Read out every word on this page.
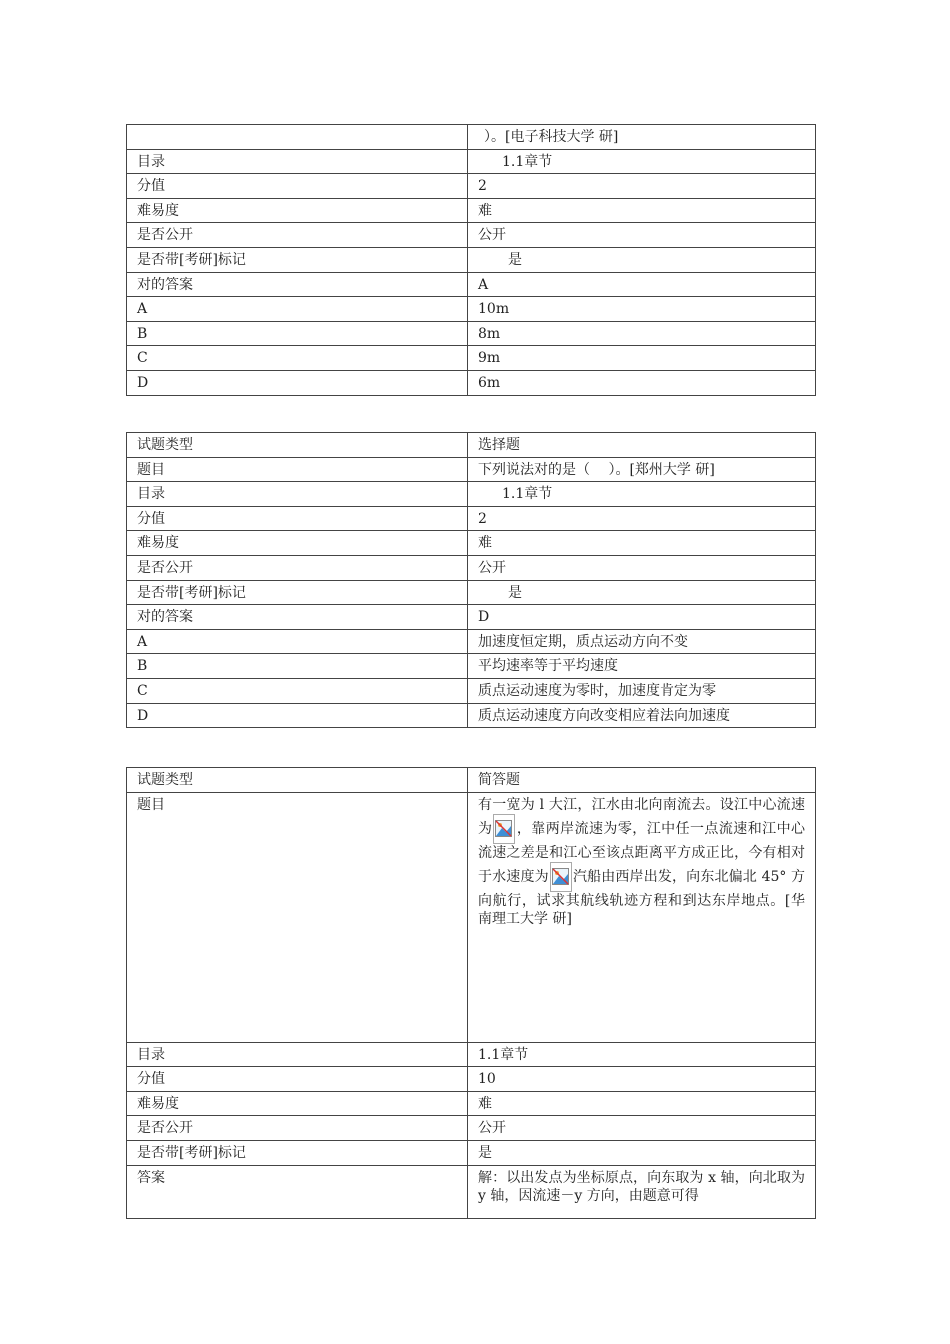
	）。[电子科技大学 研]
目录	1.1章节
分值	2
难易度	难
是否公开	公开
是否带[考研]标记	是
对的答案	A
A	10m
B	8m
C	9m
D	6m
试题类型	选择题
题目	下列说法对的是（　 ）。[郑州大学 研]
目录	1.1章节
分值	2
难易度	难
是否公开	公开
是否带[考研]标记	是
对的答案	D
A	加速度恒定期，质点运动方向不变
B	平均速率等于平均速度
C	质点运动速度为零时，加速度肯定为零
D	质点运动速度方向改变相应着法向加速度
试题类型	简答题
题目	有一宽为 l 大江，江水由北向南流去。设江中心流速为 ，靠两岸流速为零，江中任一点流速和江中心流速之差是和江心至该点距离平方成正比，今有相对于水速度为 汽船由西岸出发，向东北偏北 45° 方向航行，试求其航线轨迹方程和到达东岸地点。[华南理工大学 研]
目录	1.1章节
分值	10
难易度	难
是否公开	公开
是否带[考研]标记	是
答案	解：以出发点为坐标原点，向东取为 x 轴，向北取为 y 轴，因流速－y 方向，由题意可得
